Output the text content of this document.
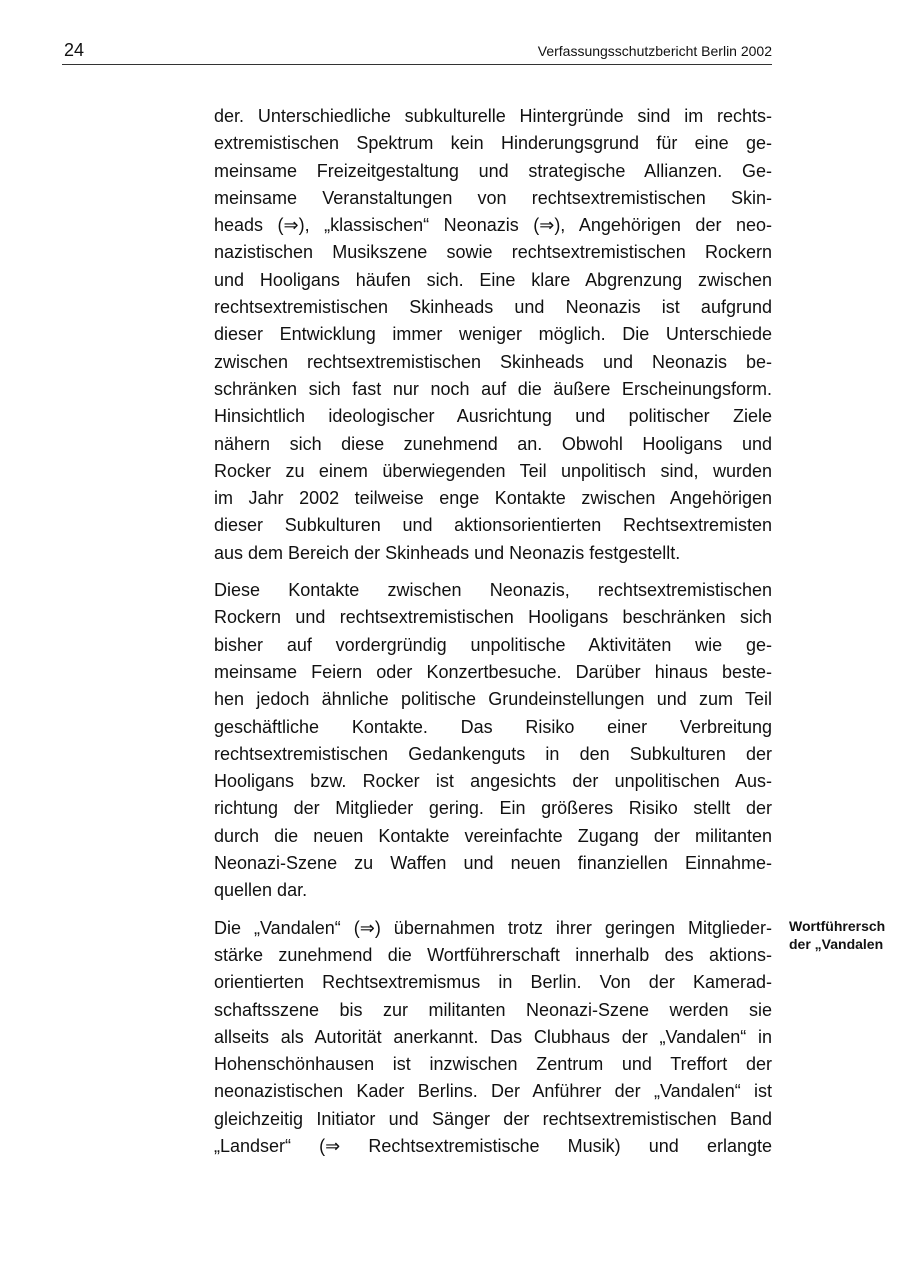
24	Verfassungsschutzbericht Berlin 2002

der. Unterschiedliche subkulturelle Hintergründe sind im rechts-
extremistischen Spektrum kein Hinderungsgrund für eine ge-
meinsame Freizeitgestaltung und strategische Allianzen. Ge-
meinsame Veranstaltungen von rechtsextremistischen Skin-
heads (⇒), „klassischen“ Neonazis (⇒), Angehörigen der neo-
nazistischen Musikszene sowie rechtsextremistischen Rockern
und Hooligans häufen sich. Eine klare Abgrenzung zwischen
rechtsextremistischen Skinheads und Neonazis ist aufgrund
dieser Entwicklung immer weniger möglich. Die Unterschiede
zwischen rechtsextremistischen Skinheads und Neonazis be-
schränken sich fast nur noch auf die äußere Erscheinungsform.
Hinsichtlich ideologischer Ausrichtung und politischer Ziele
nähern sich diese zunehmend an. Obwohl Hooligans und
Rocker zu einem überwiegenden Teil unpolitisch sind, wurden
im Jahr 2002 teilweise enge Kontakte zwischen Angehörigen
dieser Subkulturen und aktionsorientierten Rechtsextremisten
aus dem Bereich der Skinheads und Neonazis festgestellt.

Diese Kontakte zwischen Neonazis, rechtsextremistischen
Rockern und rechtsextremistischen Hooligans beschränken sich
bisher auf vordergründig unpolitische Aktivitäten wie ge-
meinsame Feiern oder Konzertbesuche. Darüber hinaus beste-
hen jedoch ähnliche politische Grundeinstellungen und zum Teil
geschäftliche Kontakte. Das Risiko einer Verbreitung
rechtsextremistischen Gedankenguts in den Subkulturen der
Hooligans bzw. Rocker ist angesichts der unpolitischen Aus-
richtung der Mitglieder gering. Ein größeres Risiko stellt der
durch die neuen Kontakte vereinfachte Zugang der militanten
Neonazi-Szene zu Waffen und neuen finanziellen Einnahme-
quellen dar.

Die „Vandalen“ (⇒) übernahmen trotz ihrer geringen Mitglieder-
stärke zunehmend die Wortführerschaft innerhalb des aktions-
orientierten Rechtsextremismus in Berlin. Von der Kamerad-
schaftsszene bis zur militanten Neonazi-Szene werden sie
allseits als Autorität anerkannt. Das Clubhaus der „Vandalen“ in
Hohenschönhausen ist inzwischen Zentrum und Treffort der
neonazistischen Kader Berlins. Der Anführer der „Vandalen“ ist
gleichzeitig Initiator und Sänger der rechtsextremistischen Band
„Landser“ (⇒ Rechtsextremistische Musik) und erlangte

Wortführersch
der „Vandalen
